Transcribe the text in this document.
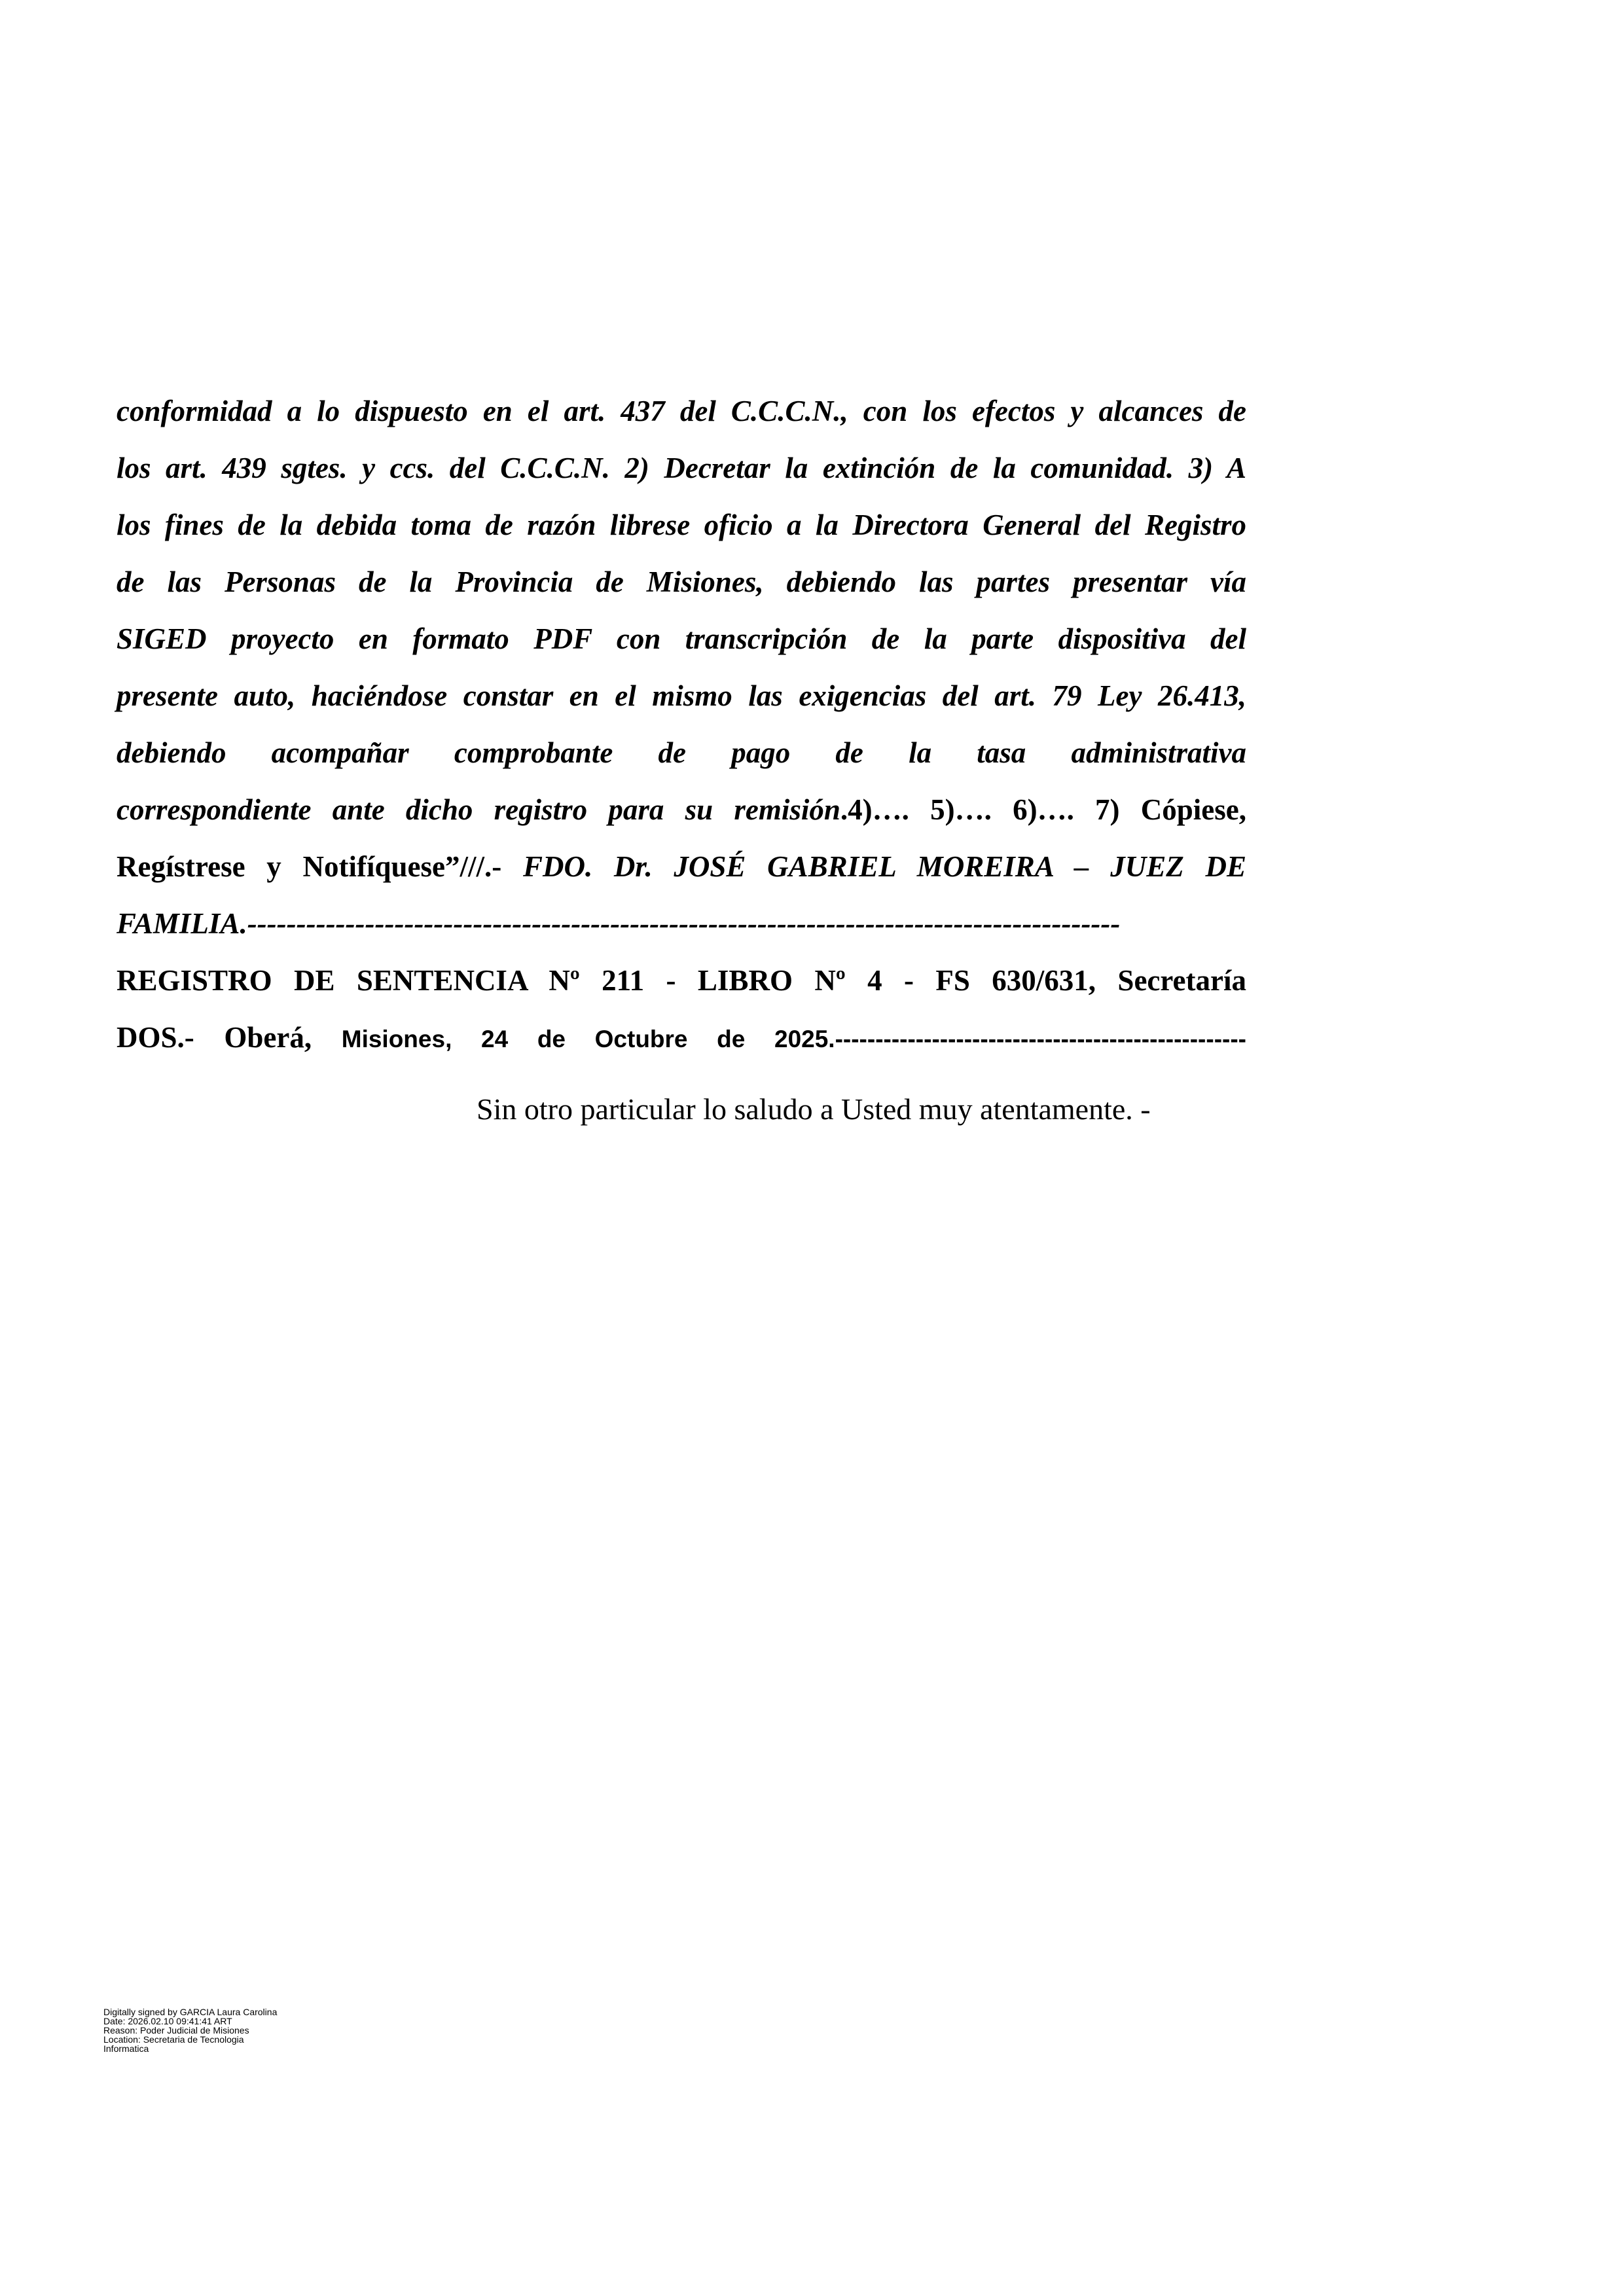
conformidad a lo dispuesto en el art. 437 del C.C.C.N., con los efectos y alcances de

los art. 439 sgtes. y ccs. del C.C.C.N. 2) Decretar la extinción de la comunidad. 3) A

los fines de la debida toma de razón librese oficio a la Directora General del Registro

de las Personas de la Provincia de Misiones, debiendo las partes presentar vía

SIGED proyecto en formato PDF con transcripción de la parte dispositiva del

presente auto, haciéndose constar en el mismo las exigencias del art. 79 Ley 26.413,

debiendo acompañar comprobante de pago de la tasa administrativa

correspondiente ante dicho registro para su remisión.4)…. 5)…. 6)…. 7) Cópiese,

Regístrese y Notifíquese”///.- FDO. Dr. JOSÉ GABRIEL MOREIRA – JUEZ DE

FAMILIA.-----------------------------------------------------------------------------------------

REGISTRO DE SENTENCIA Nº 211 - LIBRO Nº 4 - FS 630/631, Secretaría

DOS.- Oberá, Misiones, 24 de Octubre de 2025.---------------------------------------------------

Sin otro particular lo saludo a Usted muy atentamente. -
Digitally signed by GARCIA Laura Carolina
Date: 2026.02.10 09:41:41 ART
Reason: Poder Judicial de Misiones
Location: Secretaria de Tecnologia
Informatica
